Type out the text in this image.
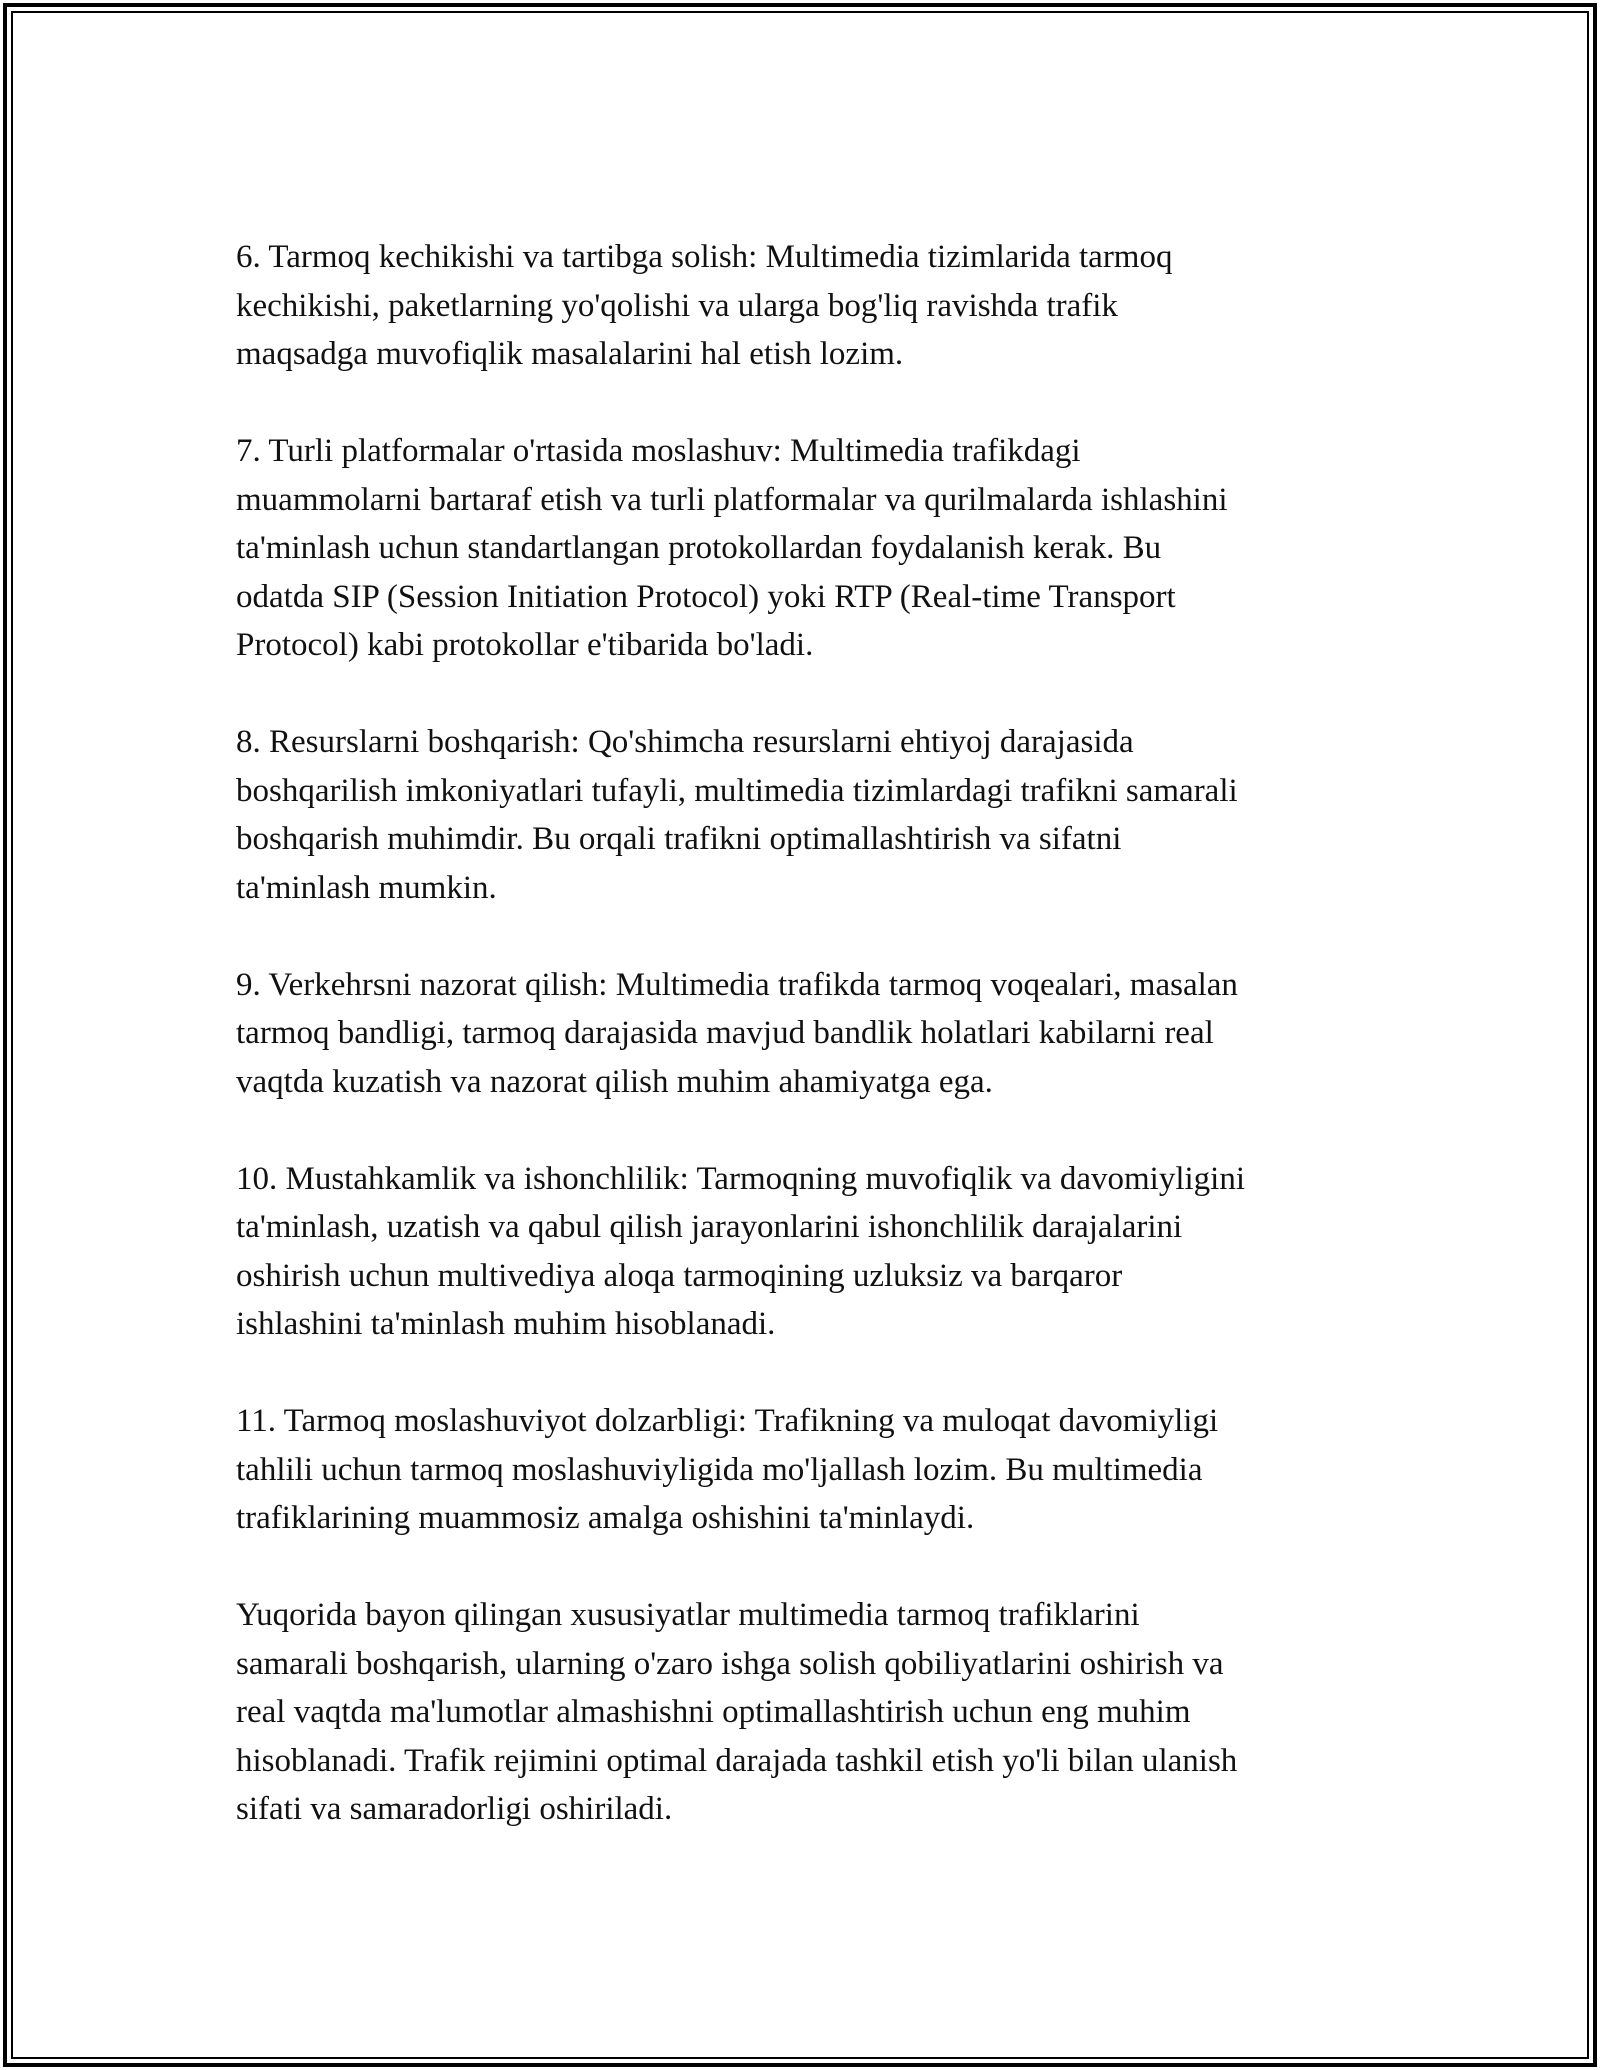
6. Tarmoq kechikishi va tartibga solish: Multimedia tizimlarida tarmoq
kechikishi, paketlarning yo'qolishi va ularga bog'liq ravishda trafik
maqsadga muvofiqlik masalalarini hal etish lozim.

7. Turli platformalar o'rtasida moslashuv: Multimedia trafikdagi
muammolarni bartaraf etish va turli platformalar va qurilmalarda ishlashini
ta'minlash uchun standartlangan protokollardan foydalanish kerak. Bu
odatda SIP (Session Initiation Protocol) yoki RTP (Real-time Transport
Protocol) kabi protokollar e'tibarida bo'ladi.

8. Resurslarni boshqarish: Qo'shimcha resurslarni ehtiyoj darajasida
boshqarilish imkoniyatlari tufayli, multimedia tizimlardagi trafikni samarali
boshqarish muhimdir. Bu orqali trafikni optimallashtirish va sifatni
ta'minlash mumkin.

9. Verkehrsni nazorat qilish: Multimedia trafikda tarmoq voqealari, masalan
tarmoq bandligi, tarmoq darajasida mavjud bandlik holatlari kabilarni real
vaqtda kuzatish va nazorat qilish muhim ahamiyatga ega.

10. Mustahkamlik va ishonchlilik: Tarmoqning muvofiqlik va davomiyligini
ta'minlash, uzatish va qabul qilish jarayonlarini ishonchlilik darajalarini
oshirish uchun multivediya aloqa tarmoqining uzluksiz va barqaror
ishlashini ta'minlash muhim hisoblanadi.

11. Tarmoq moslashuviyot dolzarbligi: Trafikning va muloqat davomiyligi
tahlili uchun tarmoq moslashuviyligida mo'ljallash lozim. Bu multimedia
trafiklarining muammosiz amalga oshishini ta'minlaydi.

Yuqorida bayon qilingan xususiyatlar multimedia tarmoq trafiklarini
samarali boshqarish, ularning o'zaro ishga solish qobiliyatlarini oshirish va
real vaqtda ma'lumotlar almashishni optimallashtirish uchun eng muhim
hisoblanadi. Trafik rejimini optimal darajada tashkil etish yo'li bilan ulanish
sifati va samaradorligi oshiriladi.
